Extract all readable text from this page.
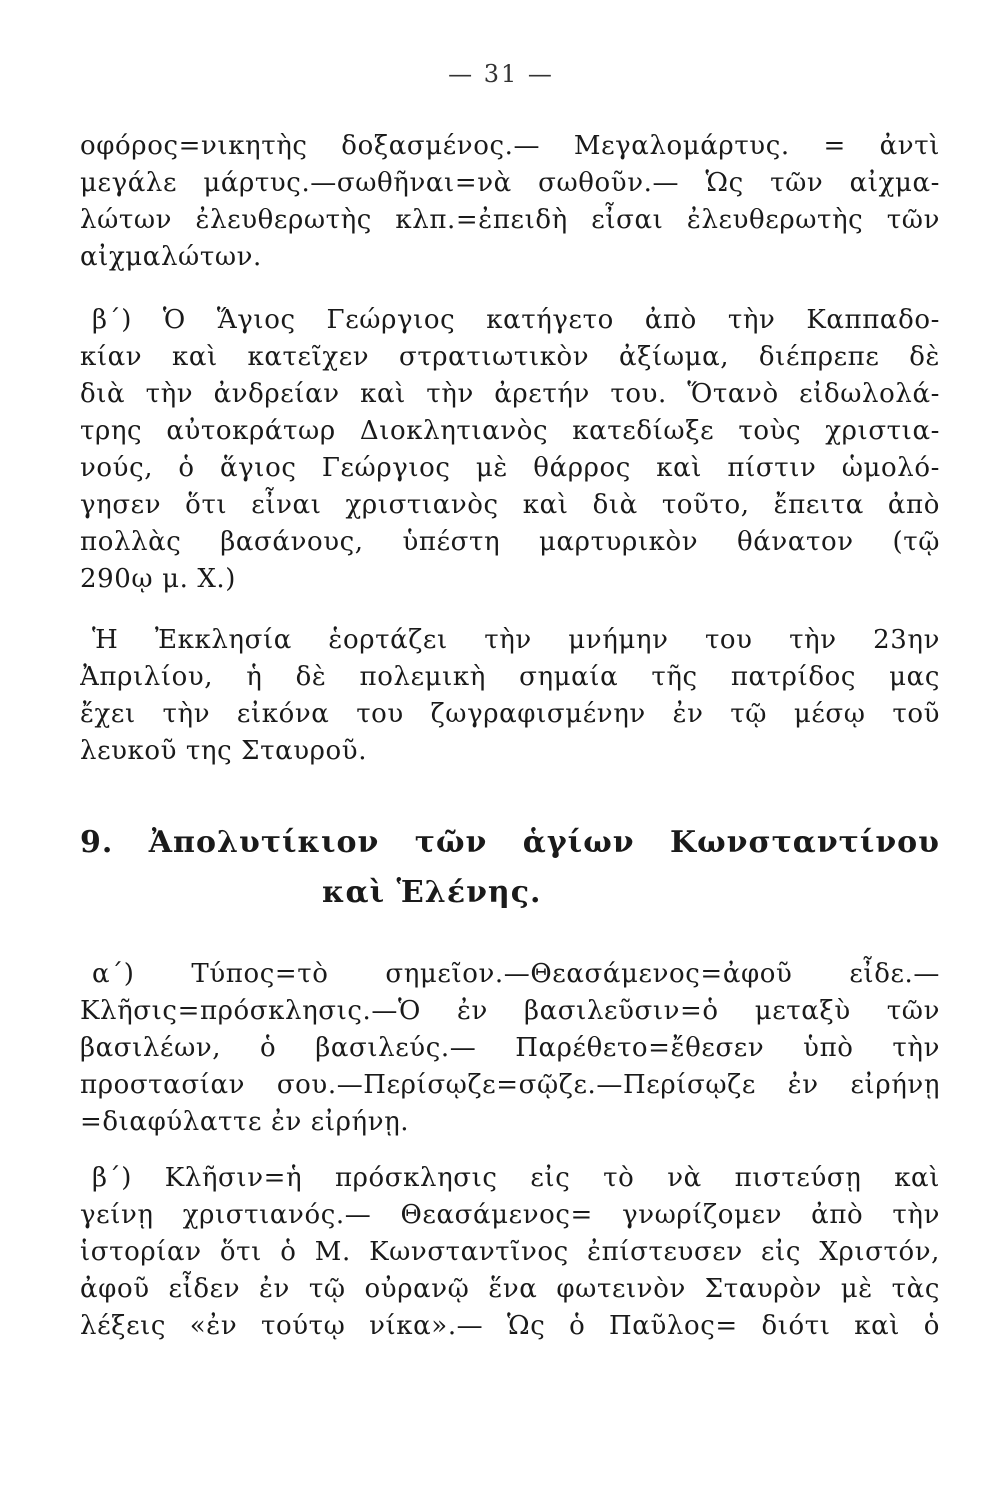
— 31 —
οφόρος=νικητὴς δοξασμένος.— Μεγαλομάρτυς. = ἀντὶ
μεγάλε μάρτυς.—σωθῆναι=νὰ σωθοῦν.— Ὡς τῶν αἰχμα-
λώτων ἐλευθερωτὴς κλπ.=ἐπειδὴ εἶσαι ἐλευθερωτὴς τῶν
αἰχμαλώτων.
β΄) Ὁ Ἅγιος Γεώργιος κατήγετο ἀπὸ τὴν Καππαδο-
κίαν καὶ κατεῖχεν στρατιωτικὸν ἀξίωμα, διέπρεπε δὲ
διὰ τὴν ἀνδρείαν καὶ τὴν ἀρετήν του. Ὅτανὸ εἰδωλολά-
τρης αὐτοκράτωρ Διοκλητιανὸς κατεδίωξε τοὺς χριστια-
νούς, ὁ ἅγιος Γεώργιος μὲ θάρρος καὶ πίστιν ὡμολό-
γησεν ὅτι εἶναι χριστιανὸς καὶ διὰ τοῦτο, ἔπειτα ἀπὸ
πολλὰς βασάνους, ὑπέστη μαρτυρικὸν θάνατον (τῷ
290ῳ μ. Χ.)
Ἡ Ἐκκλησία ἑορτάζει τὴν μνήμην του τὴν 23ην
Ἀπριλίου, ἡ δὲ πολεμικὴ σημαία τῆς πατρίδος μας
ἔχει τὴν εἰκόνα του ζωγραφισμένην ἐν τῷ μέσῳ τοῦ
λευκοῦ της Σταυροῦ.
9. Ἀπολυτίκιον τῶν ἁγίων Κωνσταντίνου
καὶ Ἑλένης.
α΄) Τύπος=τὸ σημεῖον.—Θεασάμενος=ἀφοῦ εἶδε.—
Κλῆσις=πρόσκλησις.—Ὁ ἐν βασιλεῦσιν=ὁ μεταξὺ τῶν
βασιλέων, ὁ βασιλεύς.— Παρέθετο=ἔθεσεν ὑπὸ τὴν
προστασίαν σου.—Περίσῳζε=σῷζε.—Περίσῳζε ἐν εἰρήνῃ
=διαφύλαττε ἐν εἰρήνῃ.
β΄) Κλῆσιν=ἡ πρόσκλησις εἰς τὸ νὰ πιστεύσῃ καὶ
γείνῃ χριστιανός.— Θεασάμενος= γνωρίζομεν ἀπὸ τὴν
ἱστορίαν ὅτι ὁ Μ. Κωνσταντῖνος ἐπίστευσεν εἰς Χριστόν,
ἀφοῦ εἶδεν ἐν τῷ οὐρανῷ ἕνα φωτεινὸν Σταυρὸν μὲ τὰς
λέξεις «ἐν τούτῳ νίκα».— Ὡς ὁ Παῦλος= διότι καὶ ὁ
